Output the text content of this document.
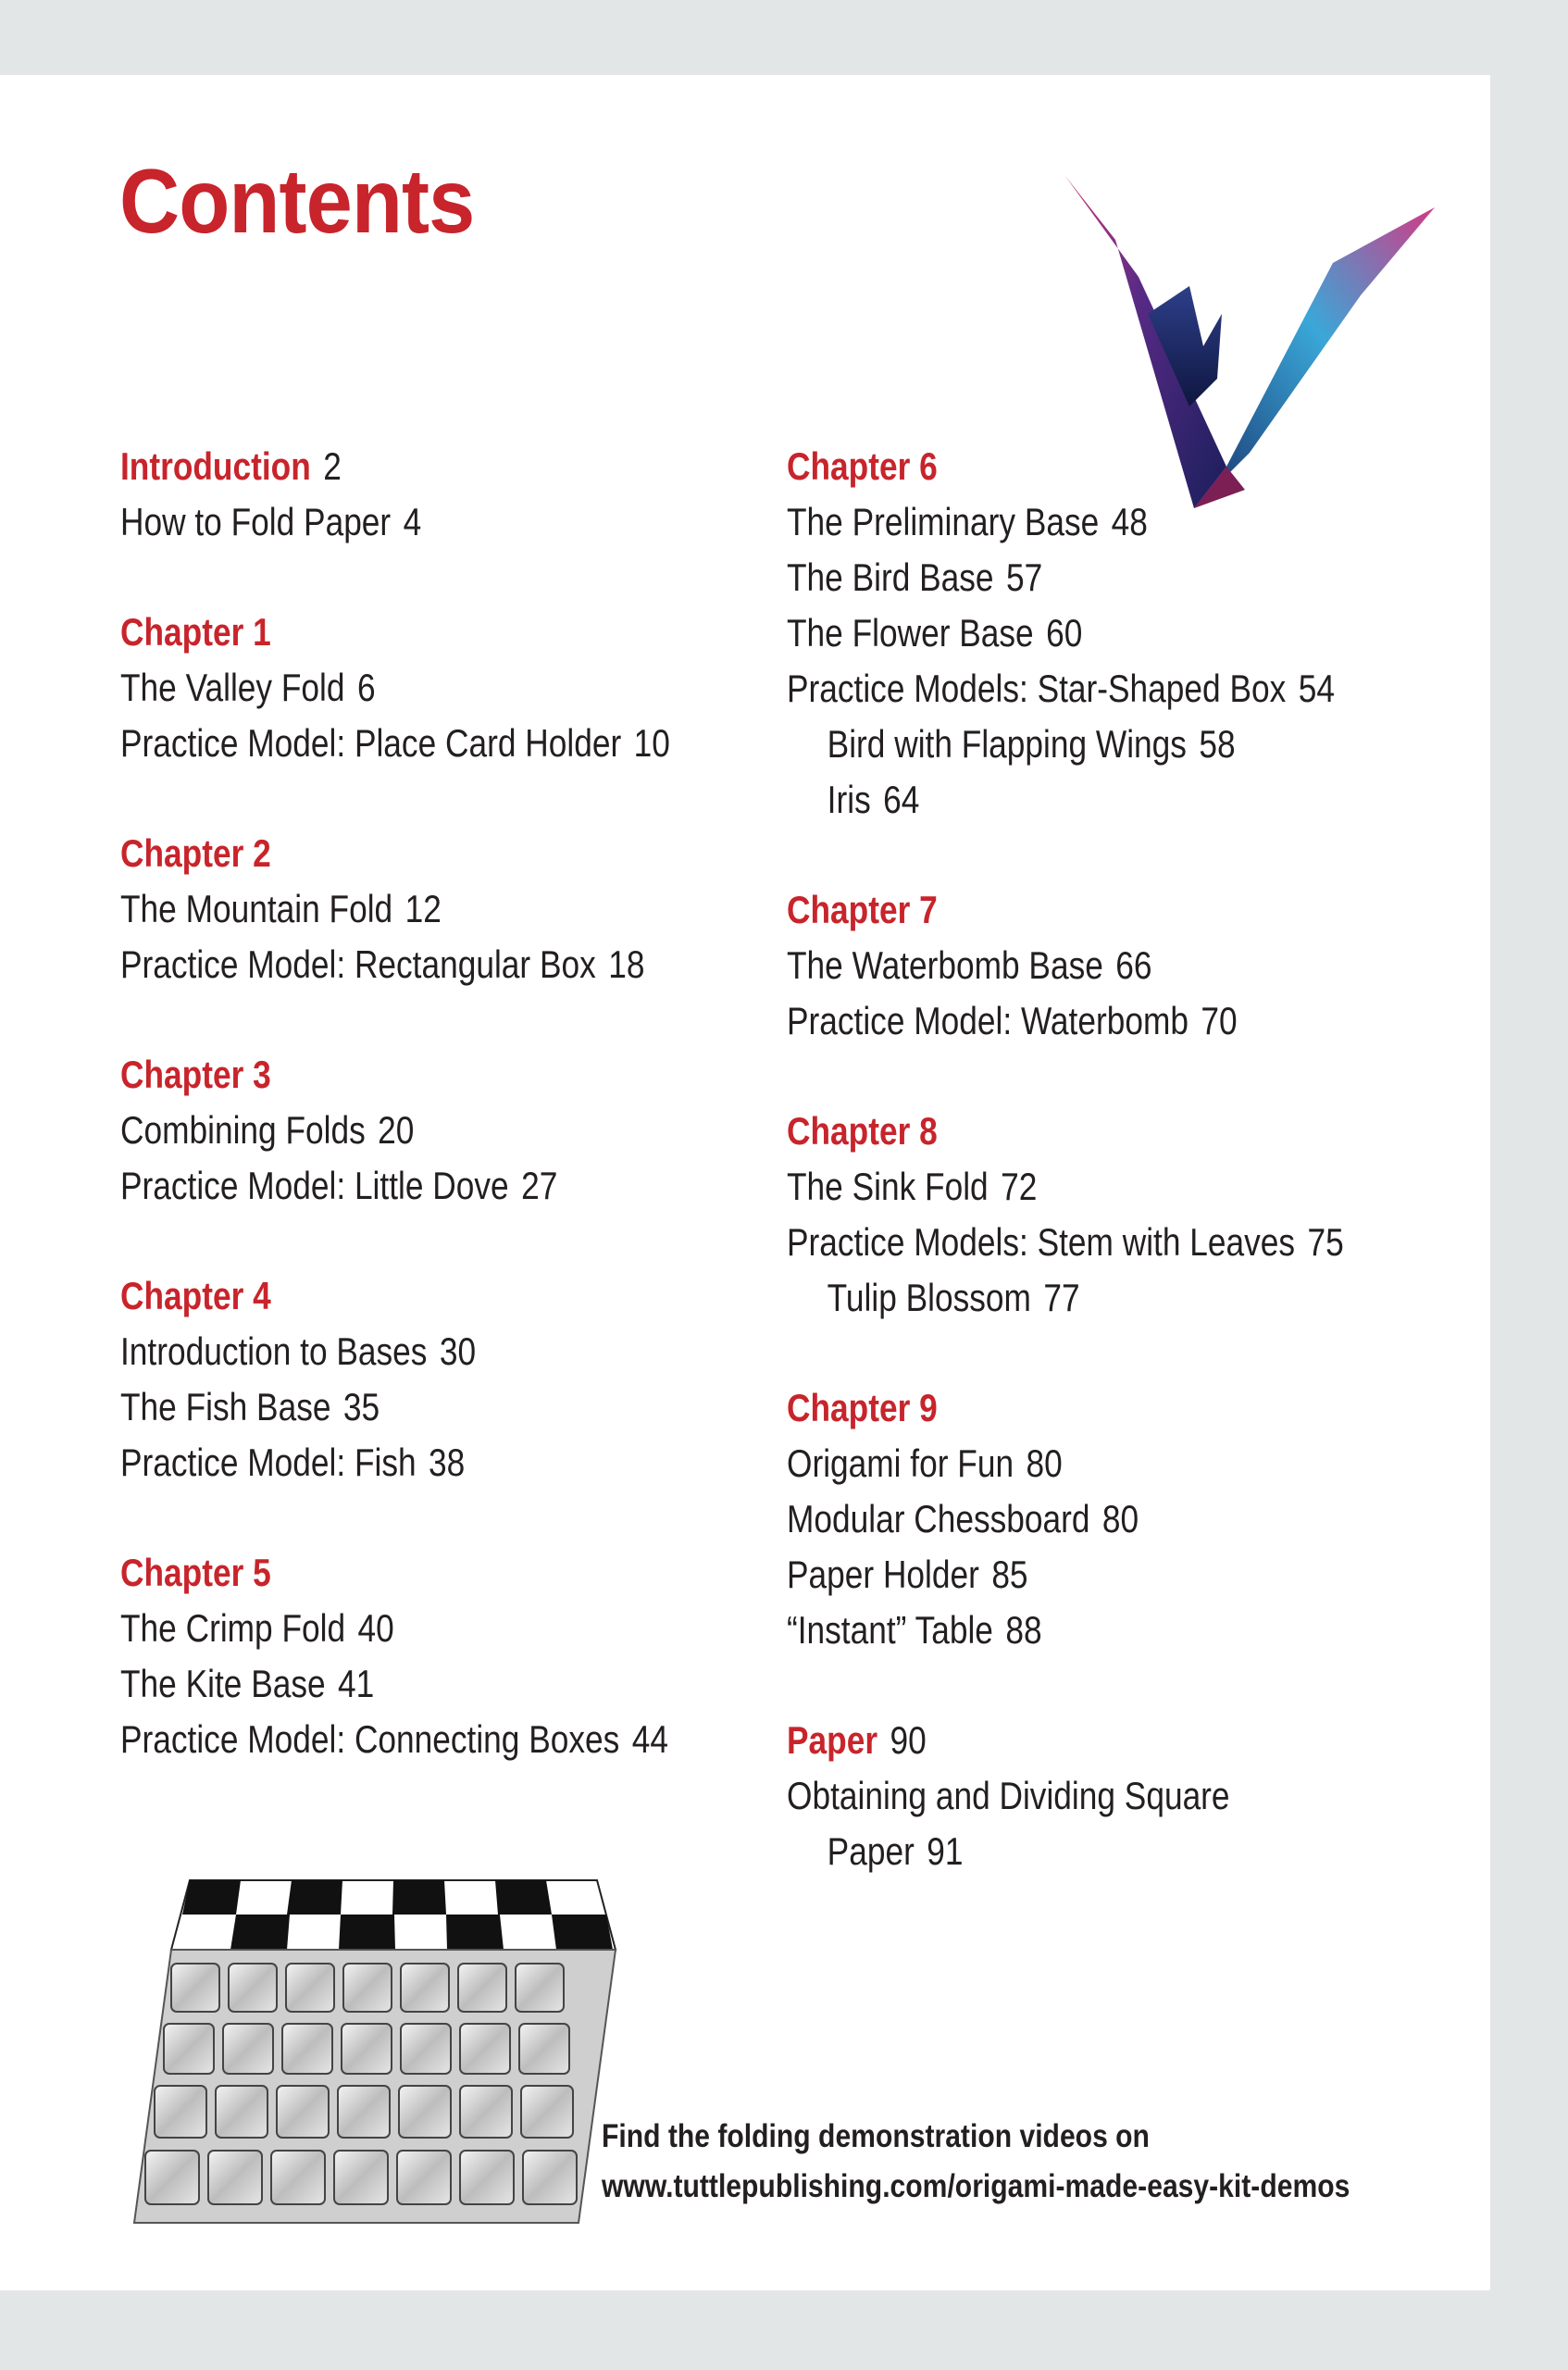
Contents
Introduction 2
How to Fold Paper 4
Chapter 1
The Valley Fold 6
Practice Model: Place Card Holder 10
Chapter 2
The Mountain Fold 12
Practice Model: Rectangular Box 18
Chapter 3
Combining Folds 20
Practice Model: Little Dove 27
Chapter 4
Introduction to Bases 30
The Fish Base 35
Practice Model: Fish 38
Chapter 5
The Crimp Fold 40
The Kite Base 41
Practice Model: Connecting Boxes 44
Chapter 6
The Preliminary Base 48
The Bird Base 57
The Flower Base 60
Practice Models: Star-Shaped Box 54
Bird with Flapping Wings 58
Iris 64
Chapter 7
The Waterbomb Base 66
Practice Model: Waterbomb 70
Chapter 8
The Sink Fold 72
Practice Models: Stem with Leaves 75
Tulip Blossom 77
Chapter 9
Origami for Fun 80
Modular Chessboard 80
Paper Holder 85
“Instant” Table 88
Paper 90
Obtaining and Dividing Square
Paper 91
Find the folding demonstration videos on
www.tuttlepublishing.com/origami-made-easy-kit-demos
